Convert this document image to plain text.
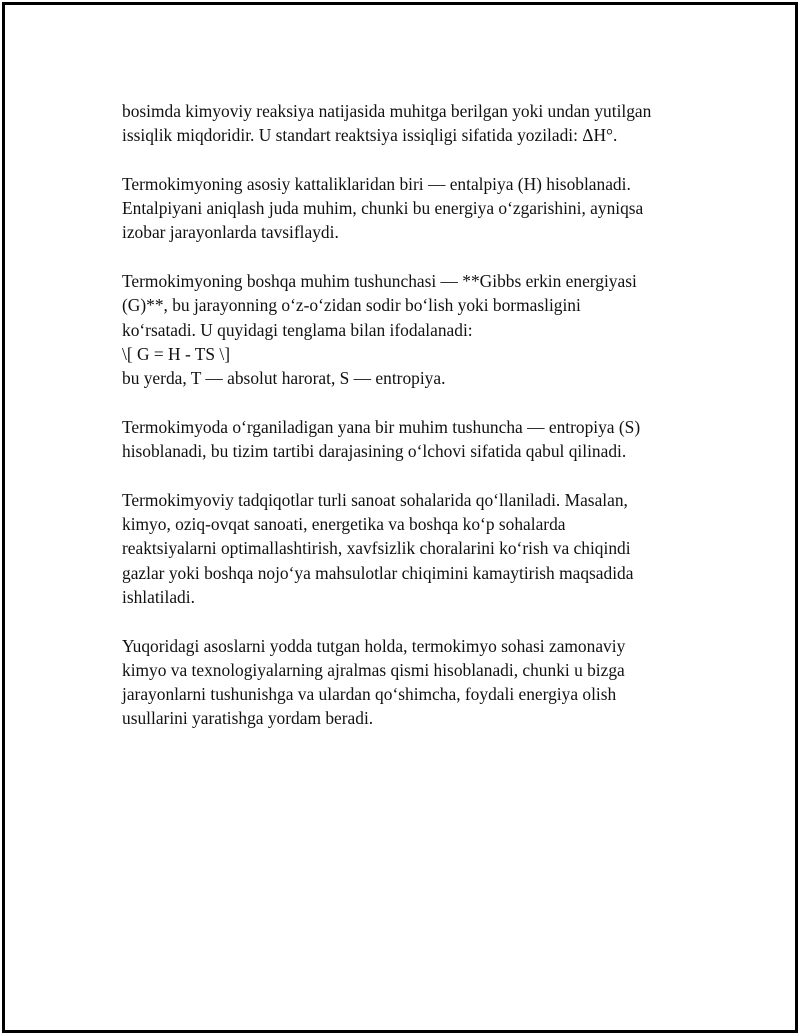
bosimda kimyoviy reaksiya natijasida muhitga berilgan yoki undan yutilgan
issiqlik miqdoridir. U standart reaktsiya issiqligi sifatida yoziladi: ΔH°.

Termokimyoning asosiy kattaliklaridan biri — entalpiya (H) hisoblanadi.
Entalpiyani aniqlash juda muhim, chunki bu energiya o‘zgarishini, ayniqsa
izobar jarayonlarda tavsiflaydi.

Termokimyoning boshqa muhim tushunchasi — **Gibbs erkin energiyasi
(G)**, bu jarayonning o‘z-o‘zidan sodir bo‘lish yoki bormasligini
ko‘rsatadi. U quyidagi tenglama bilan ifodalanadi:
\[ G = H - TS \]
bu yerda, T — absolut harorat, S — entropiya.

Termokimyoda o‘rganiladigan yana bir muhim tushuncha — entropiya (S)
hisoblanadi, bu tizim tartibi darajasining o‘lchovi sifatida qabul qilinadi.

Termokimyoviy tadqiqotlar turli sanoat sohalarida qo‘llaniladi. Masalan,
kimyo, oziq-ovqat sanoati, energetika va boshqa ko‘p sohalarda
reaktsiyalarni optimallashtirish, xavfsizlik choralarini ko‘rish va chiqindi
gazlar yoki boshqa nojo‘ya mahsulotlar chiqimini kamaytirish maqsadida
ishlatiladi.

Yuqoridagi asoslarni yodda tutgan holda, termokimyo sohasi zamonaviy
kimyo va texnologiyalarning ajralmas qismi hisoblanadi, chunki u bizga
jarayonlarni tushunishga va ulardan qo‘shimcha, foydali energiya olish
usullarini yaratishga yordam beradi.
